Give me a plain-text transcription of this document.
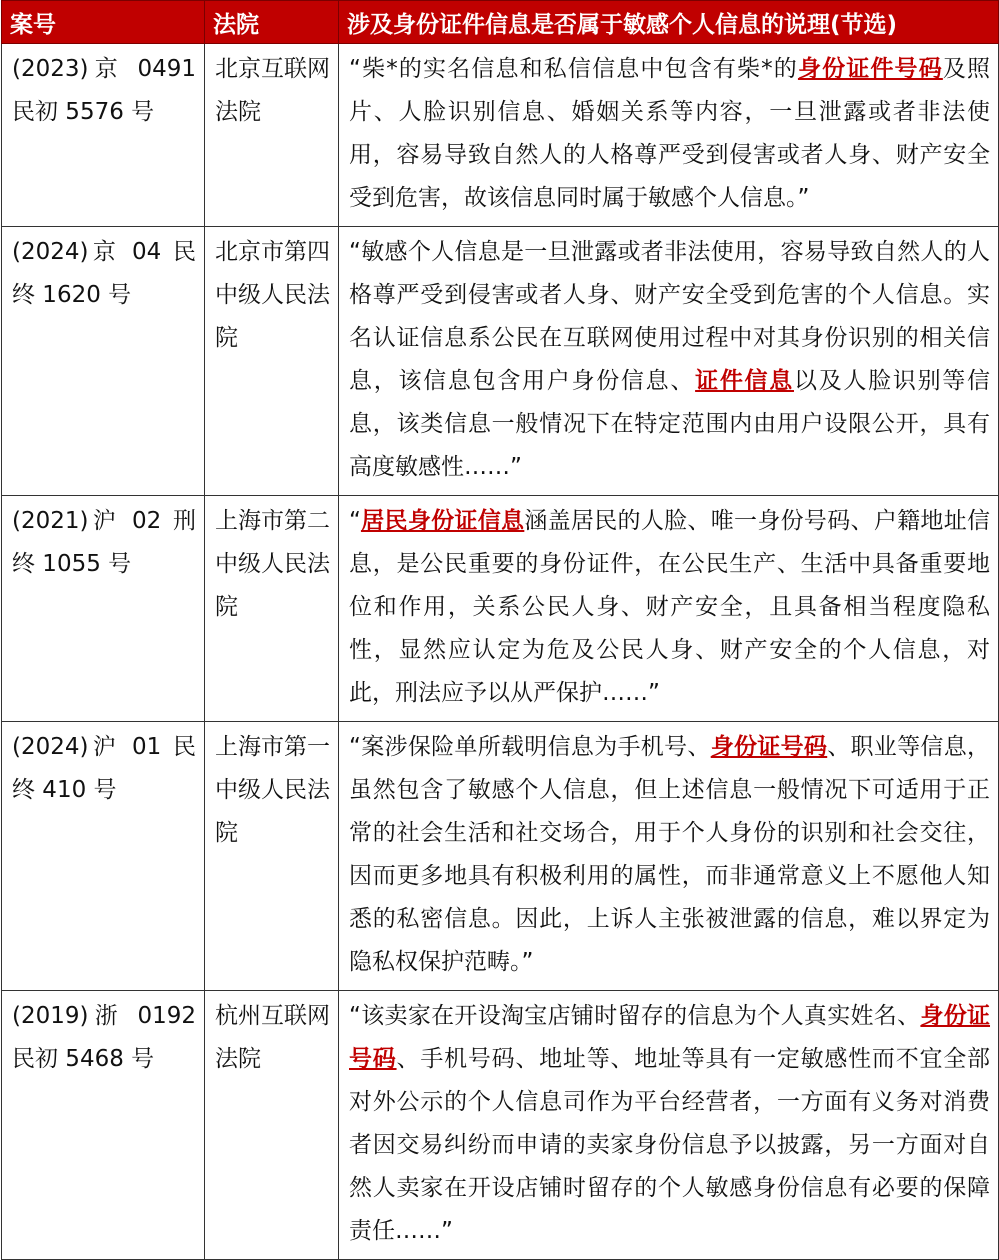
案号	法院	涉及身份证件信息是否属于敏感个人信息的说理(节选)
(2023)京 0491 民初 5576 号	北京互联网法院	“柴*的实名信息和私信信息中包含有柴*的身份证件号码及照片、人脸识别信息、婚姻关系等内容，一旦泄露或者非法使用，容易导致自然人的人格尊严受到侵害或者人身、财产安全受到危害，故该信息同时属于敏感个人信息。”
(2024)京 04 民终 1620 号	北京市第四中级人民法院	“敏感个人信息是一旦泄露或者非法使用，容易导致自然人的人格尊严受到侵害或者人身、财产安全受到危害的个人信息。实名认证信息系公民在互联网使用过程中对其身份识别的相关信息，该信息包含用户身份信息、证件信息以及人脸识别等信息，该类信息一般情况下在特定范围内由用户设限公开，具有高度敏感性……”
(2021)沪 02 刑终 1055 号	上海市第二中级人民法院	“居民身份证信息涵盖居民的人脸、唯一身份号码、户籍地址信息，是公民重要的身份证件，在公民生产、生活中具备重要地位和作用，关系公民人身、财产安全，且具备相当程度隐私性，显然应认定为危及公民人身、财产安全的个人信息，对此，刑法应予以从严保护……”
(2024)沪 01 民终 410 号	上海市第一中级人民法院	“案涉保险单所载明信息为手机号、身份证号码、职业等信息，虽然包含了敏感个人信息，但上述信息一般情况下可适用于正常的社会生活和社交场合，用于个人身份的识别和社会交往，因而更多地具有积极利用的属性，而非通常意义上不愿他人知悉的私密信息。因此，上诉人主张被泄露的信息，难以界定为隐私权保护范畴。”
(2019)浙 0192 民初 5468 号	杭州互联网法院	“该卖家在开设淘宝店铺时留存的信息为个人真实姓名、身份证号码、手机号码、地址等、地址等具有一定敏感性而不宜全部对外公示的个人信息司作为平台经营者，一方面有义务对消费者因交易纠纷而申请的卖家身份信息予以披露，另一方面对自然人卖家在开设店铺时留存的个人敏感身份信息有必要的保障责任……”
